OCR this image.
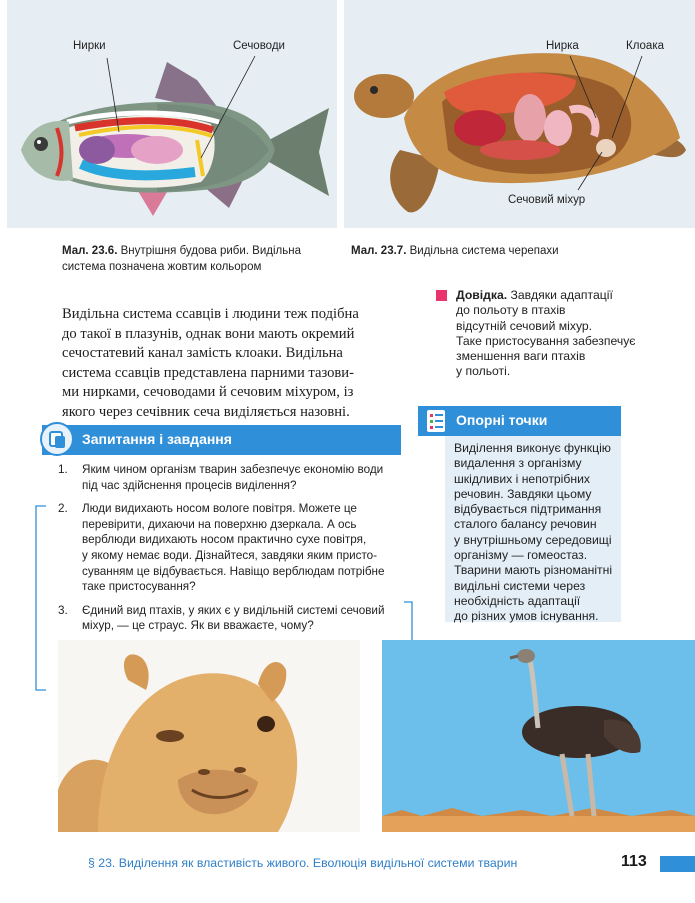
Нирки	Сечоводи	Нирка	Клоака
Сечовий міхур
Мал. 23.6. Внутрішня будова риби. Видільна
система позначена жовтим кольором
Мал. 23.7. Видільна система черепахи
Видільна система ссавців і людини теж подібна
до такої в плазунів, однак вони мають окремий
сечостатевий канал замість клоаки. Видільна
система ссавців представлена парними тазови-
ми нирками, сечоводами й сечовим міхуром, із
якого через сечівник сеча виділяється назовні.
Довідка. Завдяки адаптації
до польоту в птахів
відсутній сечовий міхур.
Таке пристосування забезпечує
зменшення ваги птахів
у польоті.
Запитання і завдання
1. Яким чином організм тварин забезпечує економію води
під час здійснення процесів виділення?
2. Люди видихають носом вологе повітря. Можете це
перевірити, дихаючи на поверхню дзеркала. А ось
верблюди видихають носом практично сухе повітря,
у якому немає води. Дізнайтеся, завдяки яким присто-
суванням це відбувається. Навіщо верблюдам потрібне
таке пристосування?
3. Єдиний вид птахів, у яких є у видільній системі сечовий
міхур, — це страус. Як ви вважаєте, чому?
Опорні точки
Виділення виконує функцію
видалення з організму
шкідливих і непотрібних
речовин. Завдяки цьому
відбувається підтримання
сталого балансу речовин
у внутрішньому середовищі
організму — гомеостаз.
Тварини мають різноманітні
видільні системи через
необхідність адаптації
до різних умов існування.
§ 23. Виділення як властивість живого. Еволюція видільної системи тварин	113
